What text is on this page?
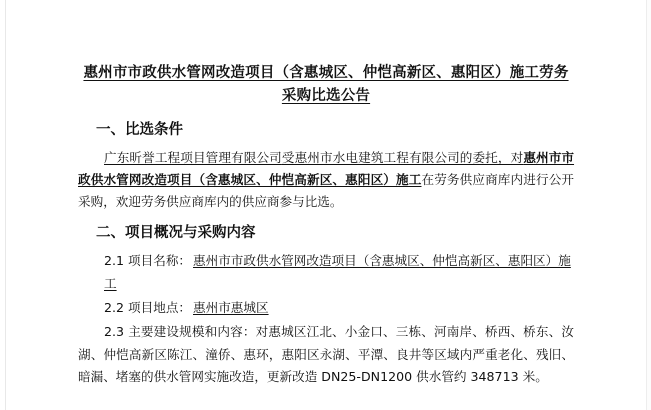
惠州市市政供水管网改造项目（含惠城区、仲恺高新区、惠阳区）施工劳务采购比选公告
一、比选条件

广东昕誉工程项目管理有限公司受惠州市水电建筑工程有限公司的委托，对惠州市市政供水管网改造项目（含惠城区、仲恺高新区、惠阳区）施工在劳务供应商库内进行公开采购，欢迎劳务供应商库内的供应商参与比选。

二、项目概况与采购内容

2.1 项目名称： 惠州市市政供水管网改造项目（含惠城区、仲恺高新区、惠阳区）施工

2.2 项目地点： 惠州市惠城区

2.3 主要建设规模和内容：对惠城区江北、小金口、三栋、河南岸、桥西、桥东、汝湖、仲恺高新区陈江、潼侨、惠环，惠阳区永湖、平潭、良井等区域内严重老化、残旧、暗漏、堵塞的供水管网实施改造，更新改造 DN25-DN1200 供水管约 348713 米。
